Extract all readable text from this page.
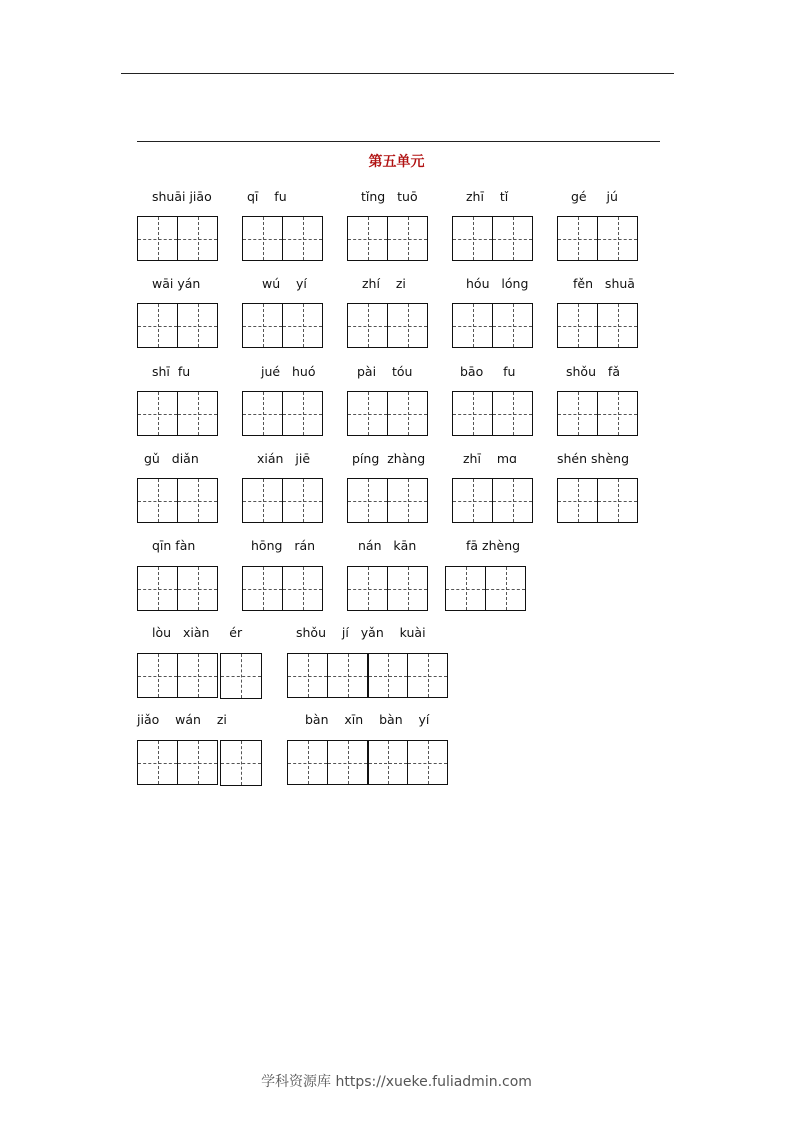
第五单元
shuāi jiāo	qī    fu	tǐng   tuō	zhī    tǐ	gé     jú
wāi yán	wú    yí	zhí    zi	hóu   lóng	fěn   shuā
shī  fu	jué   huó	pài    tóu	bāo     fu	shǒu   fǎ
gǔ   diǎn	xián   jiē	píng  zhàng	zhī    mɑ	shén shèng
qīn fàn	hōng   rán	nán   kān	fā zhèng
lòu   xiàn     ér	shǒu    jí   yǎn    kuài
jiǎo    wán    zi	bàn    xīn    bàn    yí
学科资源库 https://xueke.fuliadmin.com
